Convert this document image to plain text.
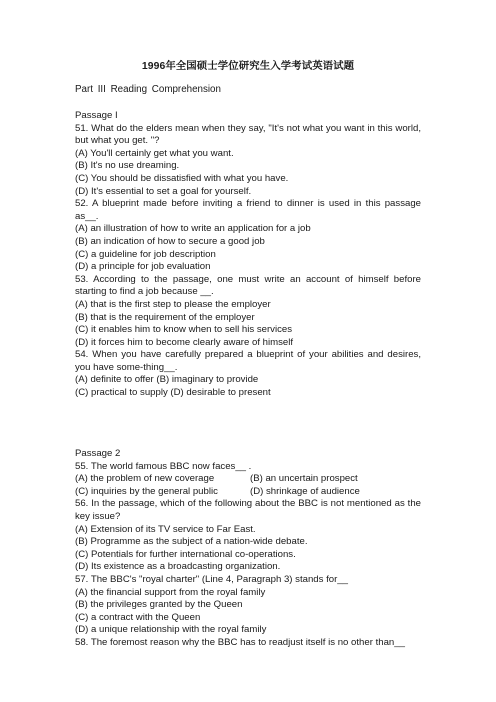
1996年全国硕士学位研究生入学考试英语试题
Part III Reading Comprehension

Passage I

51. What do the elders mean when they say, "It's not what you want in this world, but what you get. "?

(A) You'll certainly get what you want.

(B) It's no use dreaming.

(C) You should be dissatisfied with what you have.

(D) It's essential to set a goal for yourself.

52. A blueprint made before inviting a friend to dinner is used in this passage as__.

(A) an illustration of how to write an application for a job

(B) an indication of how to secure a good job

(C) a guideline for job description

(D) a principle for job evaluation

53. According to the passage, one must write an account of himself before starting to find a job because __.

(A) that is the first step to please the employer

(B) that is the requirement of the employer

(C) it enables him to know when to sell his services

(D) it forces him to become clearly aware of himself

54. When you have carefully prepared a blueprint of your abilities and desires, you have some-thing__.

(A) definite to offer (B) imaginary to provide

(C) practical to supply (D) desirable to present

Passage 2

55. The world famous BBC now faces__ .

(A) the problem of new coverage	(B) an uncertain prospect

(C) inquiries by the general public	(D) shrinkage of audience

56. In the passage, which of the following about the BBC is not mentioned as the key issue?

(A) Extension of its TV service to Far East.

(B) Programme as the subject of a nation-wide debate.

(C) Potentials for further international co-operations.

(D) Its existence as a broadcasting organization.

57. The BBC's "royal charter" (Line 4, Paragraph 3) stands for__

(A) the financial support from the royal family

(B) the privileges granted by the Queen

(C) a contract with the Queen

(D) a unique relationship with the royal family

58. The foremost reason why the BBC has to readjust itself is no other than__
